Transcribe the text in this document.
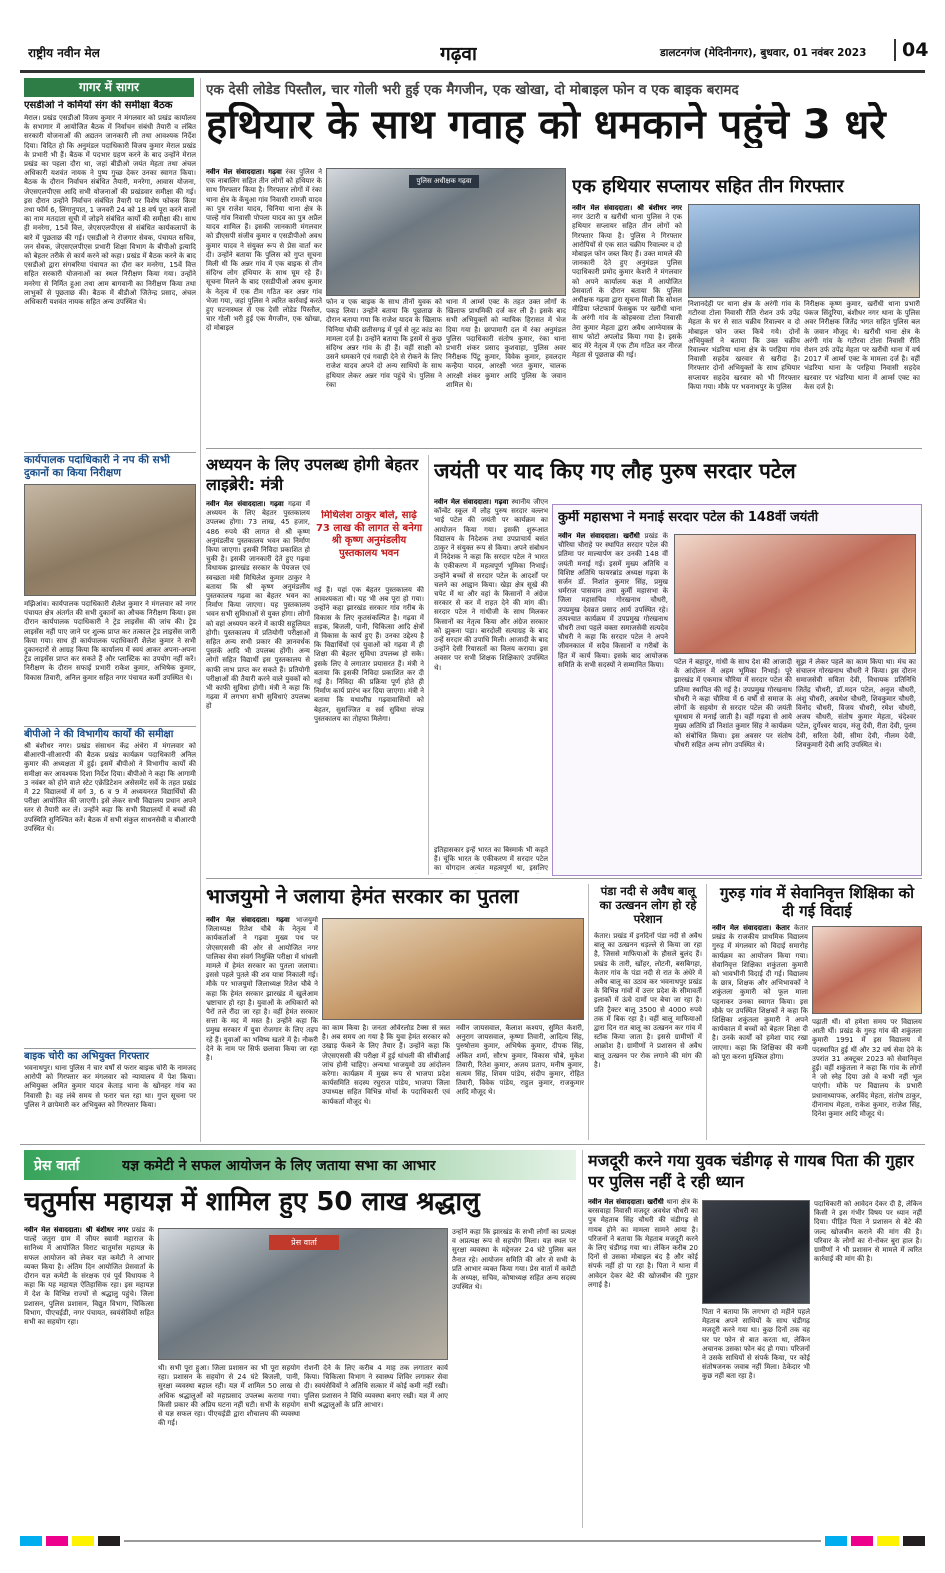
राष्ट्रीय नवीन मेल	गढ़वा	डालटनगंज (मेदिनीनगर), बुधवार, 01 नवंबर 2023	04
गागर में सागर
एसडीओ ने कर्मियों संग की समीक्षा बैठक
मेराल। प्रखंड एसडीओ विजय कुमार ने मंगलवार को प्रखंड कार्यालय के सभागार में आयोजित बैठक में निर्वाचन संबंधी तैयारी व लंबित सरकारी योजनाओं की अद्यतन जानकारी ली तथा आवश्यक निर्देश दिया। विदित हो कि अनुमंडल पदाधिकारी विजय कुमार मेराल प्रखंड के प्रभारी भी हैं। बैठक में पदभार ग्रहण करने के बाद उन्होंने मेराल प्रखंड का पहला दौरा था, जहां बीडीओ जयंत मेहता तथा अंचल अधिकारी यशवंत नायक ने पुष्प गुच्छ देकर उनका स्वागत किया। बैठक के दौरान निर्वाचन संबंधित तैयारी, मनरेगा, आवास योजना, जेएसएलपीएस आदि सभी योजनाओं की प्रखंडवार समीक्षा की गई। इस दौरान उन्होंने निर्वाचन संबंधित तैयारी पर विशेष फोकस किया तथा फॉर्म 6, लिंगानुपात, 1 जनवरी 24 को 18 वर्ष पूरा करने वालों का नाम मतदाता सूची में जोड़ने संबंधित कार्यों की समीक्षा की। साथ ही मनरेगा, 15वें वित्त, जेएसएलपीएस से संबंधित कार्यकलापों के बारे में पूछताछ की गई। एसडीओ ने रोजगार सेवक, पंचायत सचिव, जन सेवक, जेएसएलपीएस प्रभारी शिक्षा विभाग के बीपीओ इत्यादि को बेहतर तरीके से कार्य करने को कहा। प्रखंड में बैठक करने के बाद एसडीओ द्वारा संगबरिया पंचायत का दौरा कर मनरेगा, 15वें वित्त सहित सरकारी योजनाओं का स्थल निरीक्षण किया गया। उन्होंने मनरेगा से निर्मित हुआ तथा आम बागवानी का निरीक्षण किया तथा लाभुकों से पूछताछ की। बैठक में बीडीओ जितेन्द्र प्रसाद, अंचल अधिकारी यशवंत नायक सहित अन्य उपस्थित थे।
कार्यपालक पदाधिकारी ने नप की सभी दुकानों का किया निरीक्षण
मझिआंव। कार्यपालक पदाधिकारी शैलेश कुमार ने मंगलवार को नगर पंचायत क्षेत्र अंतर्गत की सभी दुकानों का औचक निरीक्षण किया। इस दौरान कार्यपालक पदाधिकारी ने ट्रेड लाइसेंस की जांच की। ट्रेड लाइसेंस नहीं पाए जाने पर शुल्क प्राप्त कर तत्काल ट्रेड लाइसेंस जारी किया गया। साथ ही कार्यपालक पदाधिकारी शैलेश कुमार ने सभी दुकानदारों से आग्रह किया कि कार्यालय में स्वयं आकर अपना-अपना ट्रेड लाइसेंस प्राप्त कर सकते हैं और प्लास्टिक का उपयोग नहीं करें। निरीक्षण के दौरान सफाई प्रभारी राकेश कुमार, अभिषेक कुमार, विकास तिवारी, अनिल कुमार सहित नगर पंचायत कर्मी उपस्थित थे।
बीपीओ ने की विभागीय कार्यों की समीक्षा
श्री बंशीधर नगर। प्रखंड संसाधन केंद्र अंधेरा में मंगलवार को बीआरपी-सीआरपी की बैठक प्रखंड कार्यक्रम पदाधिकारी अनिल कुमार की अध्यक्षता में हुई। इसमें बीपीओ ने विभागीय कार्यों की समीक्षा कर आवश्यक दिशा निर्देश दिया। बीपीओ ने कहा कि आगामी 3 नवंबर को होने वाले स्टेट एक्रेडिटेशन असेसमेंट सर्वे के तहत प्रखंड में 22 विद्यालयों में वर्ग 3, 6 व 9 में अध्ययनरत विद्यार्थियों की परीक्षा आयोजित की जाएगी। इसे लेकर सभी विद्यालय प्रधान अपने स्तर से तैयारी कर लें। उन्होंने कहा कि सभी विद्यालयों में बच्चों की उपस्थिति सुनिश्चित करें। बैठक में सभी संकुल साधनसेवी व बीआरपी उपस्थित थे।
बाइक चोरी का अभियुक्त गिरफ्तार
भवनाथपुर। थाना पुलिस ने चार वर्षों से फरार बाइक चोरी के नामजद आरोपी को गिरफ्तार कर मंगलवार को न्यायालय में पेश किया। अभियुक्त अमित कुमार यादव केताड़ थाना के खोनहर गांव का निवासी है। वह लंबे समय से फरार चल रहा था। गुप्त सूचना पर पुलिस ने छापेमारी कर अभियुक्त को गिरफ्तार किया।
एक देसी लोडेड पिस्तौल, चार गोली भरी हुई एक मैगजीन, एक खोखा, दो मोबाइल फोन व एक बाइक बरामद
हथियार के साथ गवाह को धमकाने पहुंचे 3 धरे
नवीन मेल संवाददाता। गढ़वा रंका पुलिस ने एक नाबालिग सहित तीन लोगों को हथियार के साथ गिरफ्तार किया है। गिरफ्तार लोगों में रंका थाना क्षेत्र के केंचुआ गांव निवासी रामजी यादव का पुत्र राजेश यादव, चिनिया थाना क्षेत्र के पाल्हे गांव निवासी पोपला यादव का पुत्र अप्रैल यादव शामिल हैं। इसकी जानकारी मंगलवार को डीएसपी संजीव कुमार व एसडीपीओ अवध कुमार यादव ने संयुक्त रूप से प्रेस वार्ता कर दी। उन्होंने बताया कि पुलिस को गुप्त सूचना मिली थी कि अन्नर गांव में एक बाइक से तीन संदिग्ध लोग हथियार के साथ घूम रहे हैं। सूचना मिलने के बाद एसडीपीओ अवध कुमार के नेतृत्व में एक टीम गठित कर अन्नर गांव भेजा गया, जहां पुलिस ने त्वरित कार्रवाई करते हुए घटनास्थल से एक देसी लोडेड पिस्तौल, चार गोली भरी हुई एक मैगजीन, एक खोखा, दो मोबाइल
पुलिस अधीक्षक गढ़वा
फोन व एक बाइक के साथ तीनों युवक को पकड़ लिया। उन्होंने बताया कि पूछताछ के दौरान बताया गया कि राजेश यादव के खिलाफ चिनिया चौकी छतीसगढ़ में पूर्व से लूट कांड का मामला दर्ज है। उन्होंने बताया कि इसमें से कुछ संदिग्ध अन्नर गांव के ही हैं। वहीं साक्षी को उसने धमकाने एवं गवाही देने से रोकने के लिए राजेश यादव अपने दो अन्य साथियों के साथ हथियार लेकर अन्नर गांव पहुंचे थे। पुलिस ने रंका
थाना में आर्म्स एक्ट के तहत उक्त लोगों के खिलाफ प्राथमिकी दर्ज कर ली है। इसके बाद सभी अभियुक्तों को न्यायिक हिरासत में भेज दिया गया है। छापामारी दल में रंका अनुमंडल पुलिस पदाधिकारी संतोष कुमार, रंका थाना प्रभारी शंकर प्रसाद कुशवाहा, पुलिस अवर निरीक्षक पिंटू कुमार, विवेक कुमार, हवलदार कन्हैया यादव, आरक्षी भरत कुमार, चालक आरक्षी शंकर कुमार आदि पुलिस के जवान शामिल थे।
एक हथियार सप्लायर सहित तीन गिरफ्तार
नवीन मेल संवाददाता। श्री बंशीधर नगर नगर उंटारी व खरौंधी थाना पुलिस ने एक हथियार सप्लायर सहित तीन लोगों को गिरफ्तार किया है। पुलिस ने गिरफ्तार आरोपियों से एक सात चक्रीय रिवाल्वर व दो मोबाइल फोन जब्त किए हैं। उक्त मामले की जानकारी देते हुए अनुमंडल पुलिस पदाधिकारी प्रमोद कुमार केशरी ने मंगलवार को अपने कार्यालय कक्ष में आयोजित प्रेसवार्ता के दौरान बताया कि पुलिस अधीक्षक गढ़वा द्वारा सूचना मिली कि सोशल मीडिया प्लेटफार्म फेसबुक पर खरौंधी थाना के अरंगी गांव के कोहबरवा टोला निवासी तेरा कुमार मेहता द्वारा अवैध आग्नेयास्त्र के साथ फोटो अपलोड किया गया है। इसके बाद मेरे नेतृत्व में एक टीम गठित कर नीरज मेहता से पूछताछ की गई।
निशानदेही पर थाना क्षेत्र के अरंगी गांव के गटौरवा टोला निवासी रीति रोशन उर्फ उपेंद्र मेहता के घर से सात चक्रीय रिवाल्वर व दो मोबाइल फोन जब्त किये गये। दोनों अभियुक्तों ने बताया कि उक्त चक्रीय रिवाल्वर भंडरिया थाना क्षेत्र के परहिया गांव निवासी सहदेव खरवार से खरीदा है। गिरफ्तार दोनों अभियुक्तों के साथ हथियार सप्लायर सहदेव खरवार को भी गिरफ्तार किया गया। मौके पर भवनाथपुर के पुलिस
निरीक्षक कृष्ण कुमार, खरौंधी थाना प्रभारी पंकज सिंदुरिया, बंशीधर नगर थाना के पुलिस अवर निरीक्षक जितेंद्र भगत सहित पुलिस बल के जवान मौजूद थे। खरौंधी थाना क्षेत्र के अरंगी गांव के गटौरवा टोला निवासी रीति रोशन उर्फ उपेंद्र मेहता पर खरौंधी थाना में वर्ष 2017 में आर्म्स एक्ट के मामला दर्ज है। वहीं भंडरिया थाना के परहिया निवासी सहदेव खरवार पर भंडरिया थाना में आर्म्स एक्ट का केस दर्ज है।
अध्ययन के लिए उपलब्ध होगी बेहतर लाइब्रेरी: मंत्री
नवीन मेल संवाददाता। गढ़वा गढ़वा में अध्ययन के लिए बेहतर पुस्तकालय उपलब्ध होगा। 73 लाख, 45 हजार, 486 रुपये की लागत से श्री कृष्ण अनुमंडलीय पुस्तकालय भवन का निर्माण किया जाएगा। इसकी निविदा प्रकाशित हो चुकी है। इसकी जानकारी देते हुए गढ़वा विधायक झारखंड सरकार के पेयजल एवं स्वच्छता मंत्री मिथिलेश कुमार ठाकुर ने बताया कि श्री कृष्ण अनुमंडलीय पुस्तकालय गढ़वा का बेहतर भवन का निर्माण किया जाएगा। यह पुस्तकालय भवन सभी सुविधाओं से युक्त होगा। लोगों को वहां अध्ययन करने में काफी सहूलियत होगी। पुस्तकालय में प्रतियोगी परीक्षाओं सहित अन्य सभी प्रकार की ज्ञानवर्धक पुस्तकें आदि भी उपलब्ध होंगी। अन्य लोगों सहित विद्यार्थी इस पुस्तकालय से काफी लाभ प्राप्त कर सकते हैं। प्रतियोगी परीक्षाओं की तैयारी करने वाले युवकों को भी काफी सुविधा होगी। मंत्री ने कहा कि गढ़वा में लगभग सभी सुविधाएं उपलब्ध हो
मिथिलेश ठाकुर बोले, साढ़े 73 लाख की लागत से बनेगा श्री कृष्ण अनुमंडलीय पुस्तकालय भवन
गई हैं। यहां एक बेहतर पुस्तकालय की आवश्यकता थी। यह भी अब पूरा हो गया। उन्होंने कहा झारखंड सरकार गांव गरीब के विकास के लिए कृतसंकल्पित है। गढ़वा में सड़क, बिजली, पानी, चिकित्सा आदि क्षेत्रों में विकास के कार्य हुए हैं। उनका उद्देश्य है कि विद्यार्थियों एवं युवाओं को गढ़वा में ही शिक्षा की बेहतर सुविधा उपलब्ध हो सके। इसके लिए वे लगातार प्रयासरत हैं। मंत्री ने बताया कि इसकी निविदा प्रकाशित कर दी गई है। निविदा की प्रक्रिया पूर्ण होते ही निर्माण कार्य प्रारंभ कर दिया जाएगा। मंत्री ने बताया कि यथाशीघ्र गढ़वावासियों को बेहतर, सुसज्जित व सर्व सुविधा संपन्न पुस्तकालय का तोहफा मिलेगा।
जयंती पर याद किए गए लौह पुरुष सरदार पटेल
नवीन मेल संवाददाता। गढ़वा स्थानीय जीएन कॉन्वेंट स्कूल में लौह पुरुष सरदार वल्लभ भाई पटेल की जयंती पर कार्यक्रम का आयोजन किया गया। इसकी शुरूआत विद्यालय के निदेशक तथा उपप्राचार्य बसंत ठाकुर ने संयुक्त रूप से किया। अपने संबोधन में निदेशक ने कहा कि सरदार पटेल ने भारत के एकीकरण में महत्वपूर्ण भूमिका निभाई। उन्होंने बच्चों से सरदार पटेल के आदर्शों पर चलने का आह्वान किया। खेड़ा क्षेत्र सूखे की चपेट में था और वहां के किसानों ने अंग्रेज सरकार से कर में राहत देने की मांग की। सरदार पटेल ने गांधीजी के साथ मिलकर किसानों का नेतृत्व किया और अंग्रेज सरकार को झुकना पड़ा। बारदोली सत्याग्रह के बाद उन्हें सरदार की उपाधि मिली। आजादी के बाद उन्होंने देसी रियासतों का विलय कराया। इस अवसर पर सभी शिक्षक शिक्षिकाएं उपस्थित थे।
कुर्मी महासभा ने मनाई सरदार पटेल की 148वीं जयंती
नवीन मेल संवाददाता। खरौंधी प्रखंड के चौरिया चौराहे पर स्थापित सरदार पटेल की प्रतिमा पर माल्यार्पण कर उनकी 148 वीं जयंती मनाई गई। इसमें मुख्य अतिथि व विशिष्ट अतिथि फायरब्रांड अध्यक्ष गढ़वा के सर्जन डॉ. निशांत कुमार सिंह, प्रमुख धर्मराज पासवान तथा कुर्मी महासभा के जिला महासचिव गोरखनाथ चौधरी, उपप्रमुख देवव्रत प्रसाद आर्य उपस्थित रहे। तत्पश्चात कार्यक्रम में उपप्रमुख गोरखनाथ चौधरी तथा पहले वक्ता समाजसेवी सत्यदेव चौधरी ने कहा कि सरदार पटेल ने अपने जीवनकाल में सदैव किसानों व गरीबों के हित में कार्य किया। इसके बाद आयोजक समिति के सभी सदस्यों ने सम्मानित किया।	पटेल ने बहादुर, गांधी के साथ देश की आजादी के आंदोलन में अहम भूमिका निभाई। पूरे झारखंड में एकमात्र चौरिया में सरदार पटेल की प्रतिमा स्थापित की गई है। उपप्रमुख गोरखनाथ चौधरी ने कहा चौरिया में 6 वर्षों से समाज के लोगों के सहयोग से सरदार पटेल की जयंती धूमधाम से मनाई जाती है। वहीं गढ़वा से आये मुख्य अतिथि डॉ निशांत कुमार सिंह ने कार्यक्रम को संबोधित किया। इस अवसर पर संतोष चौधरी सहित अन्य लोग उपस्थित थे।
सूझ ने लेकर पहले का काम किया था। मंच का संचालन गोरखनाथ चौधरी ने किया। इस दौरान समाजसेवी सविता देवी, विधायक प्रतिनिधि जितेंद्र चौधरी, डॉ.मदन पटेल, अनुज चौधरी, अंशु चौधरी, अवधेश चौधरी, शिवकुमार चौधरी, विनोद चौधरी, विजय चौधरी, रमेश चौधरी, अजय चौधरी, संतोष कुमार मेहता, चंदेश्वर पटेल, दुर्गेश्वर यादव, मंजु देवी, रीता देवी, पूनम देवी, सरिता देवी, सीमा देवी, नीलम देवी, शिवकुमारी देवी आदि उपस्थित थे।
इतिहासकार इन्हें भारत का बिस्मार्क भी कहते हैं। चूंकि भारत के एकीकरण में सरदार पटेल का योगदान अत्यंत महत्वपूर्ण था, इसलिए
भाजयुमो ने जलाया हेमंत सरकार का पुतला
नवीन मेल संवाददाता। गढ़वा भाजयुमो जिलाध्यक्ष रितेश चौबे के नेतृत्व में कार्यकर्ताओं ने गढ़वा मुख्य पथ पर जेएसएससी की ओर से आयोजित नगर पालिका सेवा संवर्ग नियुक्ति परीक्षा में धांधली मामले में हेमंत सरकार का पुतला जलाया। इससे पहले पुतले की शव यात्रा निकाली गई। मौके पर भाजयुमो जिलाध्यक्ष रितेश चौबे ने कहा कि हेमंत सरकार झारखंड में खुलेआम भ्रष्टाचार हो रहा है। युवाओं के अधिकारों को पैरों तले रौंदा जा रहा है। वहीं हेमंत सरकार सत्ता के मद में मस्त है। उन्होंने कहा कि प्रमुख सरकार में युवा रोजगार के लिए तड़प रहे हैं। युवाओं का भविष्य खतरे में है। नौकरी देने के नाम पर सिर्फ छलावा किया जा रहा है।
का काम किया है। जनता ओवेरलोड टैक्स से त्रस्त है। अब समय आ गया है कि युवा हेमंत सरकार को उखाड़ फेंकने के लिए तैयार हैं। उन्होंने कहा कि जेएसएससी की परीक्षा में हुई धांधली की सीबीआई जांच होनी चाहिए। अन्यथा भाजयुमो उग्र आंदोलन करेगा। कार्यक्रम में मुख्य रूप से भाजपा प्रदेश कार्यसमिति सदस्य रघुराज पांडेय, भाजपा जिला उपाध्यक्ष सहित विभिन्न मोर्चा के पदाधिकारी एवं कार्यकर्ता मौजूद थे।
नवीन जायसवाल, कैलाश कश्यप, सुमित केशरी, अनुराग जायसवाल, कृष्णा तिवारी, आदित्य सिंह, पुरुषोत्तम कुमार, अभिषेक कुमार, दीपक सिंह, अंकित शर्मा, सौरभ कुमार, विकास चौबे, मुकेश तिवारी, रितेश कुमार, अजय प्रताप, मनीष कुमार, सत्यम सिंह, शिवम पांडेय, संदीप कुमार, रोहित तिवारी, विवेक पांडेय, राहुल कुमार, राजकुमार आदि मौजूद थे।
पंडा नदी से अवैध बालू का उत्खनन लोग हो रहे परेशान
केतार। प्रखंड में इनदिनों पंडा नदी से अवैध बालू का उत्खनन धड़ल्ले से किया जा रहा है, जिससे माफियाओं के हौसले बुलंद हैं। प्रखंड के तारी, खोंहर, लोटनी, बसबिगहा, केतार गांव के पंडा नदी से रात के अंधेरे में अवैध बालू का उठाव कर भवनाथपुर प्रखंड के विभिन्न गांवों में उत्तर प्रदेश के सीमावर्ती इलाकों में ऊंचे दामों पर बेचा जा रहा है। प्रति ट्रैक्टर बालू 3500 से 4000 रुपये तक में बिक रहा है। वहीं बालू माफियाओं द्वारा दिन रात बालू का उत्खनन कर गांव में स्टॉक किया जाता है। इससे ग्रामीणों में आक्रोश है। ग्रामीणों ने प्रशासन से अवैध बालू उत्खनन पर रोक लगाने की मांग की है।
गुरुड़ गांव में सेवानिवृत्त शिक्षिका को दी गई विदाई
नवीन मेल संवाददाता। केतार केतार प्रखंड के राजकीय प्राथमिक विद्यालय गुरुड़ में मंगलवार को विदाई समारोह कार्यक्रम का आयोजन किया गया। सेवानिवृत्त शिक्षिका शकुंतला कुमारी को भावभीनी विदाई दी गई। विद्यालय के छात्र, शिक्षक और अभिभावकों ने शकुंतला कुमारी को फूल माला पहनाकर उनका स्वागत किया। इस मौके पर उपस्थित शिक्षकों ने कहा कि शिक्षिका शकुंतला कुमारी ने अपने कार्यकाल में बच्चों को बेहतर शिक्षा दी है। उनके कार्यों को हमेशा याद रखा जाएगा। कहा कि शिक्षिका की कमी को पूरा करना मुश्किल होगा।
पढ़ाती थीं। वो हमेशा समय पर विद्यालय आती थीं। प्रखंड के गुरुड़ गांव की शकुंतला कुमारी 1991 में इस विद्यालय में पदस्थापित हुई थीं और 32 वर्ष सेवा देने के उपरांत 31 अक्टूबर 2023 को सेवानिवृत्त हुईं। वहीं शकुंतला ने कहा कि गांव के लोगों ने जो स्नेह दिया उसे वे कभी नहीं भूल पाएंगी। मौके पर विद्यालय के प्रभारी प्रधानाध्यापक, अरविंद मेहता, संतोष ठाकुर, दीनानाथ मेहता, राकेश कुमार, राजेश सिंह, दिनेश कुमार आदि मौजूद थे।
प्रेस वार्ता	यज्ञ कमेटी ने सफल आयोजन के लिए जताया सभा का आभार
चतुर्मास महायज्ञ में शामिल हुए 50 लाख श्रद्धालु
नवीन मेल संवाददाता। श्री बंशीधर नगर प्रखंड के पाल्हे जतुरा ग्राम में जीयर स्वामी महाराज के सानिध्य में आयोजित विराट चातुर्मास महायज्ञ के सफल आयोजन को लेकर यज्ञ कमेटी ने आभार व्यक्त किया है। अंतिम दिन आयोजित प्रेसवार्ता के दौरान यज्ञ कमेटी के संरक्षक एवं पूर्व विधायक ने कहा कि यह महायज्ञ ऐतिहासिक रहा। इस महायज्ञ में देश के विभिन्न राज्यों से श्रद्धालु पहुंचे। जिला प्रशासन, पुलिस प्रशासन, विद्युत विभाग, चिकित्सा विभाग, पीएचईडी, नगर पंचायत, स्वयंसेवियों सहित सभी का सहयोग रहा।
प्रेस वार्ता
थी। सभी पूरा हुआ। जिला प्रशासन का भी पूरा सहयोग रहा। प्रशासन के सहयोग से 24 घंटे बिजली, पानी, सुरक्षा व्यवस्था बहाल रही। यज्ञ में शामिल 50 लाख से अधिक श्रद्धालुओं को महाप्रसाद उपलब्ध कराया गया। किसी प्रकार की अप्रिय घटना नहीं घटी। सभी के सहयोग से यज्ञ सफल रहा। पीएचईडी द्वारा शौचालय की व्यवस्था की गई।
रोशनी देने के लिए करीब 4 माह तक लगातार कार्य किया। चिकित्सा विभाग ने स्वास्थ्य शिविर लगाकर सेवा दी। स्वयंसेवियों ने अतिथि सत्कार में कोई कमी नहीं रखी। पुलिस प्रशासन ने विधि व्यवस्था बनाए रखी। यज्ञ में आए सभी श्रद्धालुओं के प्रति आभार।
उन्होंने कहा कि झारखंड के सभी लोगों का प्रत्यक्ष व अप्रत्यक्ष रूप से सहयोग मिला। यज्ञ स्थल पर सुरक्षा व्यवस्था के मद्देनजर 24 घंटे पुलिस बल तैनात रहे। आयोजन समिति की ओर से सभी के प्रति आभार व्यक्त किया गया। प्रेस वार्ता में कमेटी के अध्यक्ष, सचिव, कोषाध्यक्ष सहित अन्य सदस्य उपस्थित थे।
मजदूरी करने गया युवक चंडीगढ़ से गायब पिता की गुहार पर पुलिस नहीं दे रही ध्यान
नवीन मेल संवाददाता। खरौंधी थाना क्षेत्र के बरसवाहा निवासी मजदूर अवधेश चौधरी का पुत्र मेहताब सिंह चौधरी की चंडीगढ़ से गायब होने का मामला सामने आया है। परिजनों ने बताया कि मेहताब मजदूरी करने के लिए चंडीगढ़ गया था। लेकिन करीब 20 दिनों से उसका मोबाइल बंद है और कोई संपर्क नहीं हो पा रहा है। पिता ने थाना में आवेदन देकर बेटे की खोजबीन की गुहार लगाई है।
पिता ने बताया कि लगभग दो महीने पहले मेहताब अपने साथियों के साथ चंडीगढ़ मजदूरी करने गया था। कुछ दिनों तक वह घर पर फोन से बात करता था, लेकिन अचानक उसका फोन बंद हो गया। परिजनों ने उसके साथियों से संपर्क किया, पर कोई संतोषजनक जवाब नहीं मिला। ठेकेदार भी कुछ नहीं बता रहा है।
पदाधिकारी को आवेदन देकर दी है, लेकिन किसी ने इस गंभीर विषय पर ध्यान नहीं दिया। पीड़ित पिता ने प्रशासन से बेटे की जल्द खोजबीन कराने की मांग की है। परिवार के लोगों का रो-रोकर बुरा हाल है। ग्रामीणों ने भी प्रशासन से मामले में त्वरित कार्रवाई की मांग की है।
